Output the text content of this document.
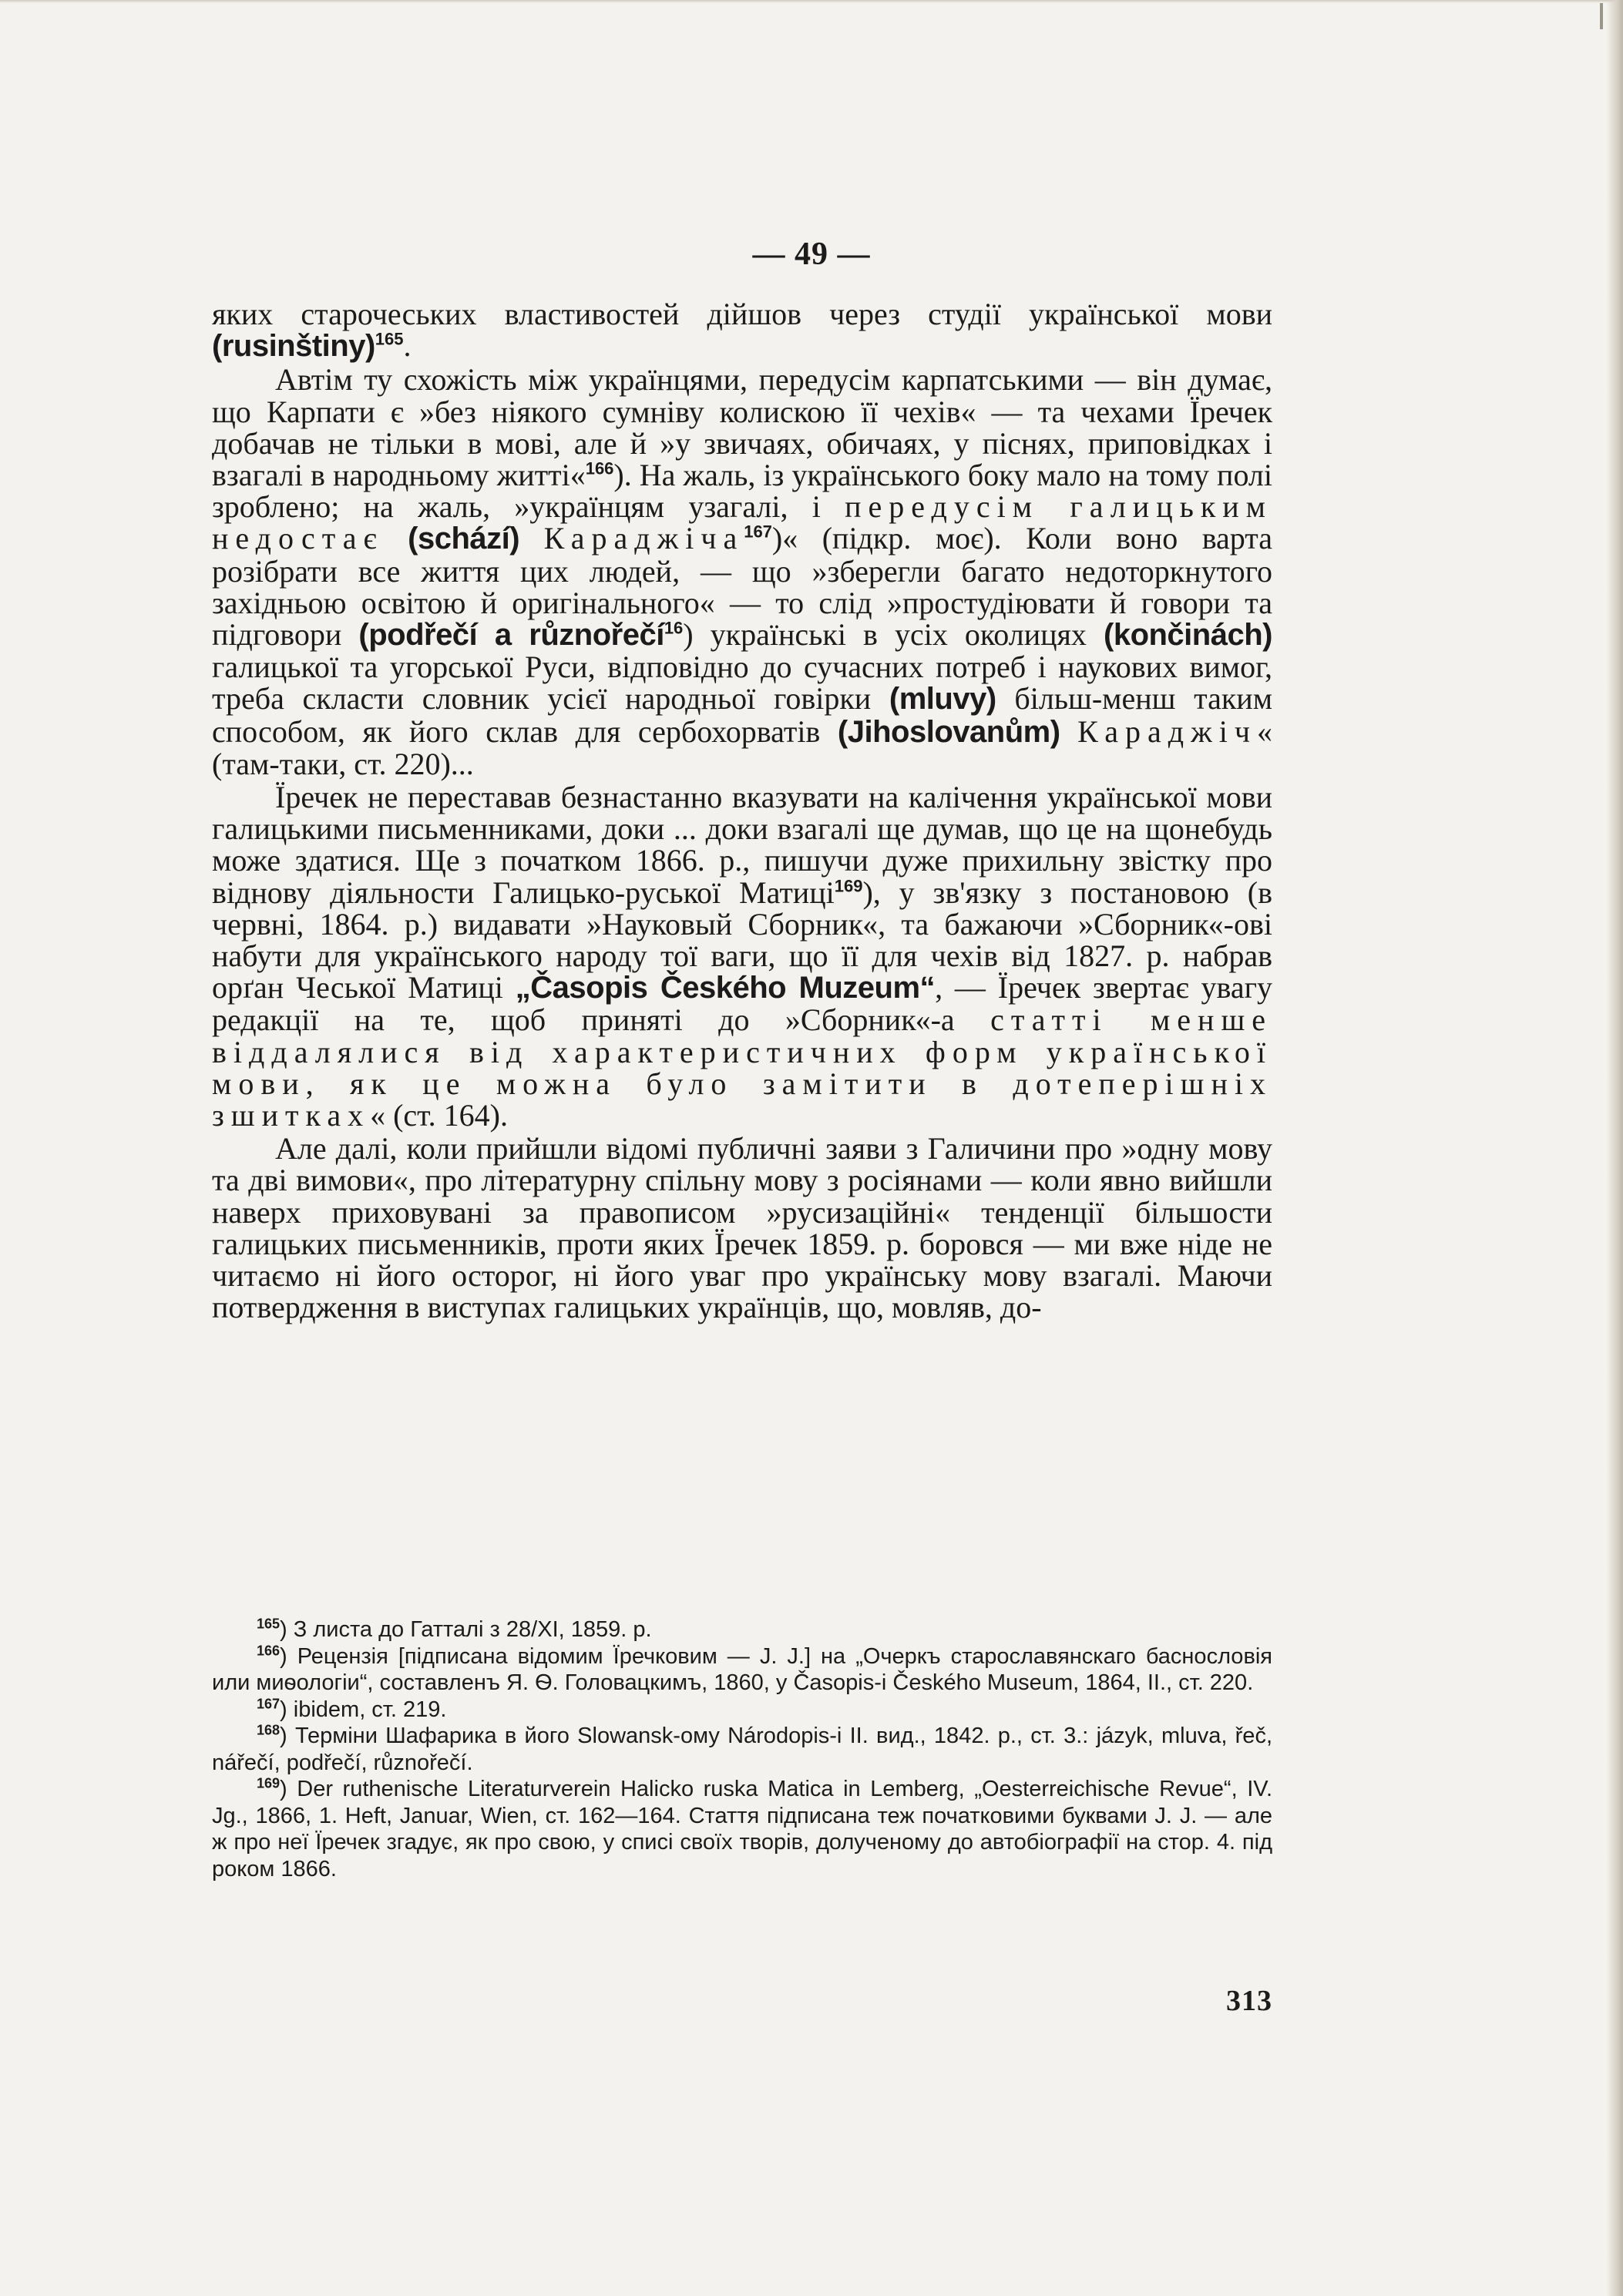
— 49 —

яких старочеських властивостей дійшов через студії української мови (rusinštiny)$^{165}$.

Автім ту схожість між українцями, передусім карпатськими — він думає, що Карпати є »без ніякого сумніву колискою її чехів« — та чехами Їречек добачав не тільки в мові, але й »у звичаях, обичаях, у піснях, приповідках і взагалі в народньому житті«$^{166}$). На жаль, із українського боку мало на тому полі зроблено; на жаль, »українцям узагалі, і передусім галицьким недостає (schází) Караджіча$^{167}$)« (підкр. моє). Коли воно варта розібрати все життя цих людей, — що »зберегли багато недоторкнутого західньою освітою й оригінального« — то слід »простудіювати й говори та підговори (podřečí a různořečí$^{16}$) українські в усіх околицях (končinách) галицької та угорської Руси, відповідно до сучасних потреб і наукових вимог, треба скласти словник усієї народньої говірки (mluvy) більш-менш таким способом, як його склав для сербохорватів (Jihoslovanům) Караджіч« (там-таки, ст. 220)...

Їречек не переставав безнастанно вказувати на калічення української мови галицькими письменниками, доки ... доки взагалі ще думав, що це на щонебудь може здатися. Ще з початком 1866. р., пишучи дуже прихильну звістку про віднову діяльности Галицько-руської Матиці$^{169}$), у зв'язку з постановою (в червні, 1864. р.) видавати »Науковый Сборник«, та бажаючи »Сборник«-ові набути для українського народу тої ваги, що її для чехів від 1827. р. набрав орґан Чеської Матиці „Časopis Českého Muzeum“, — Їречек звертає увагу редакції на те, щоб приняті до »Сборник«-а статті менше віддалялися від характеристичних форм української мови, як це можна було замітити в дотеперішніх зшитках« (ст. 164).

Але далі, коли прийшли відомі публичні заяви з Галичини про »одну мову та дві вимови«, про літературну спільну мову з росіянами — коли явно вийшли наверх приховувані за правописом »русизаційні« тенденції більшости галицьких письменників, проти яких Їречек 1859. р. боровся — ми вже ніде не читаємо ні його осторог, ні його уваг про українську мову взагалі. Маючи потвердження в виступах галицьких українців, що, мовляв, до-

$^{165}$) З листа до Гатталі з 28/XI, 1859. р.

$^{166}$) Рецензія [підписана відомим Їречковим — J. J.] на „Очеркъ старославянскаго баснословія или миѳологіи“, составленъ Я. Ѳ. Головацкимъ, 1860, у Časopis-і Českého Museum, 1864, II., ст. 220.

$^{167}$) ibidem, ст. 219.

$^{168}$) Терміни Шафарика в його Slowansk-ому Národopis-і II. вид., 1842. р., ст. 3.: jázyk, mluva, řeč, nářečí, podřečí, různořečí.

$^{169}$) Der ruthenische Literaturverein Halicko ruska Matica in Lemberg, „Oesterreichische Revue“, IV. Jg., 1866, 1. Heft, Januar, Wien, ст. 162—164. Стаття підписана теж початковими буквами J. J. — але ж про неї Їречек згадує, як про свою, у списі своїх творів, долученому до автобіографії на стор. 4. під роком 1866.

313
